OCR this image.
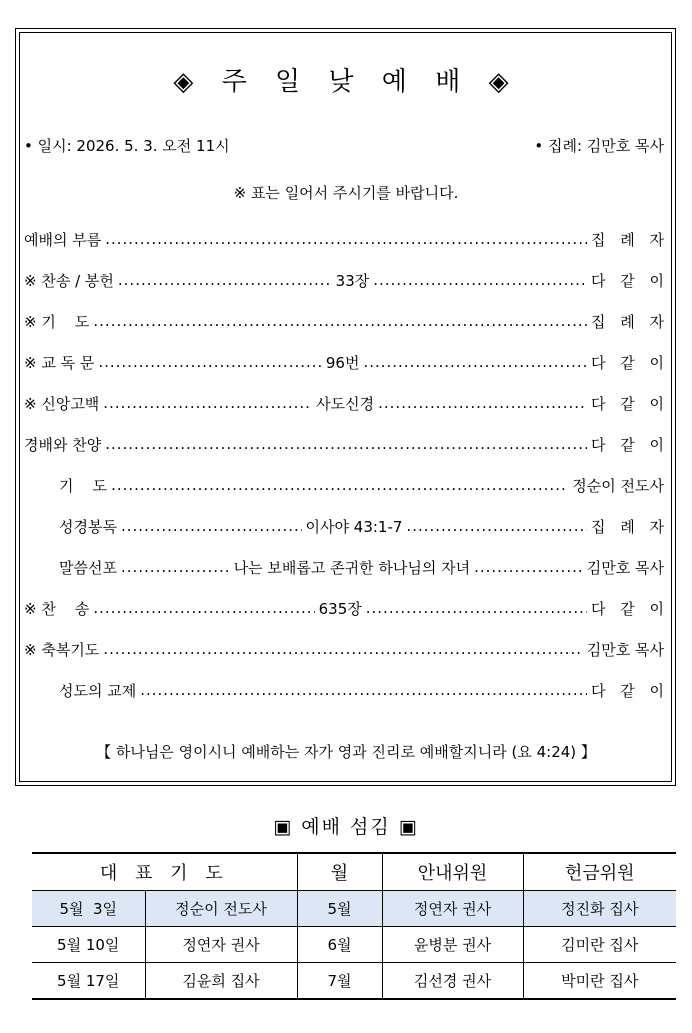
◈ 주 일 낮 예 배 ◈
• 일시: 2026. 5. 3. 오전 11시	• 집례: 김만호 목사
※ 표는 일어서 주시기를 바랍니다.
예배의 부름 .....	집 례 자
※ 찬송 / 봉헌 .....	33장 .....	다 같 이
※ 기    도 .....	집 례 자
※ 교 독 문 .....	96번 .....	다 같 이
※ 신앙고백 .....	사도신경 .....	다 같 이
경배와 찬양 .....	다 같 이
기    도 .....	정순이 전도사
성경봉독 .....	이사야 43:1-7 .....	집 례 자
말씀선포 .....	나는 보배롭고 존귀한 하나님의 자녀 .....	김만호 목사
※ 찬    송 .....	635장 .....	다 같 이
※ 축복기도 .....	김만호 목사
성도의 교제 .....	다 같 이
【 하나님은 영이시니 예배하는 자가 영과 진리로 예배할지니라 (요 4:24) 】
▣ 예배 섬김 ▣
대 표 기 도		월	안내위원	헌금위원
5월  3일	정순이 전도사	5월	정연자 권사	정진화 집사
5월 10일	정연자 권사	6월	윤병분 권사	김미란 집사
5월 17일	김윤희 집사	7월	김선경 권사	박미란 집사
